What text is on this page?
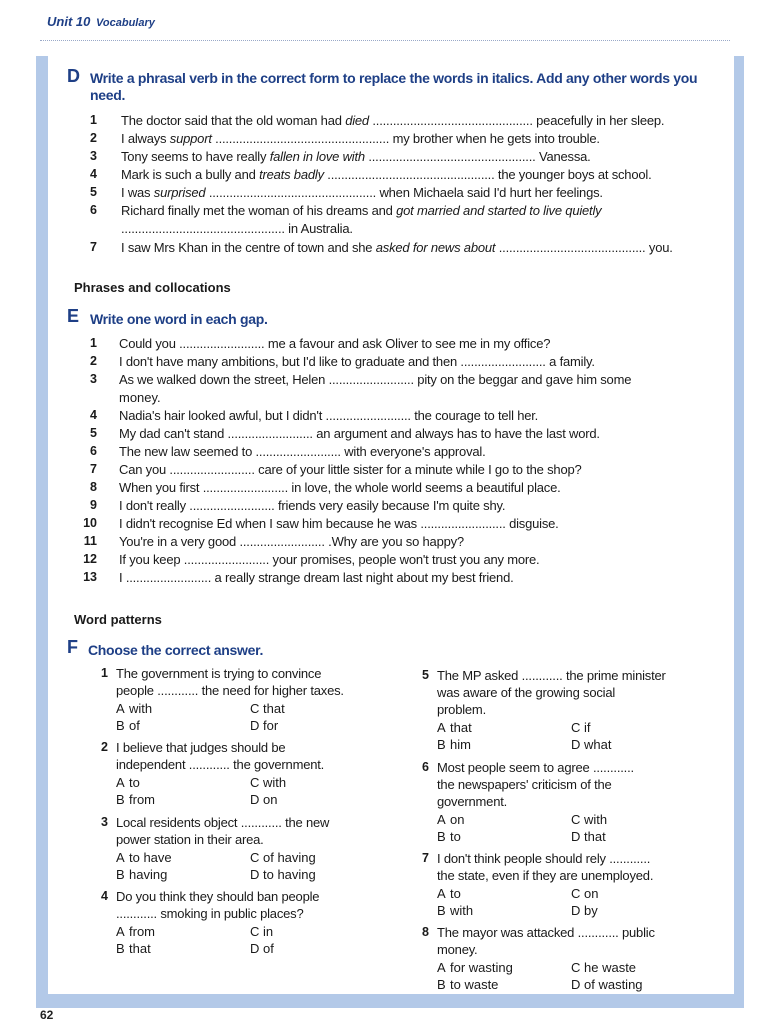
Unit 10 Vocabulary
D Write a phrasal verb in the correct form to replace the words in italics. Add any other words you
need.
1 The doctor said that the old woman had died ............................................... peacefully in her sleep.
2 I always support ................................................... my brother when he gets into trouble.
3 Tony seems to have really fallen in love with ................................................. Vanessa.
4 Mark is such a bully and treats badly ................................................. the younger boys at school.
5 I was surprised ................................................. when Michaela said I'd hurt her feelings.
6 Richard finally met the woman of his dreams and got married and started to live quietly
................................................ in Australia.
7 I saw Mrs Khan in the centre of town and she asked for news about ........................................... you.
Phrases and collocations
E Write one word in each gap.
1 Could you ......................... me a favour and ask Oliver to see me in my office?
2 I don't have many ambitions, but I'd like to graduate and then ......................... a family.
3 As we walked down the street, Helen ......................... pity on the beggar and gave him some
money.
4 Nadia's hair looked awful, but I didn't ......................... the courage to tell her.
5 My dad can't stand ......................... an argument and always has to have the last word.
6 The new law seemed to ......................... with everyone's approval.
7 Can you ......................... care of your little sister for a minute while I go to the shop?
8 When you first ......................... in love, the whole world seems a beautiful place.
9 I don't really ......................... friends very easily because I'm quite shy.
10 I didn't recognise Ed when I saw him because he was ......................... disguise.
11 You're in a very good ......................... .Why are you so happy?
12 If you keep ......................... your promises, people won't trust you any more.
13 I ......................... a really strange dream last night about my best friend.
Word patterns
F Choose the correct answer.
1 The government is trying to convince
people ............ the need for higher taxes.
A with	C that
B of	D for
2 I believe that judges should be
independent ............ the government.
A to	C with
B from	D on
3 Local residents object ............ the new
power station in their area.
A to have	C of having
B having	D to having
4 Do you think they should ban people
............ smoking in public places?
A from	C in
B that	D of
5 The MP asked ............ the prime minister
was aware of the growing social
problem.
A that	C if
B him	D what
6 Most people seem to agree ............
the newspapers' criticism of the
government.
A on	C with
B to	D that
7 I don't think people should rely ............
the state, even if they are unemployed.
A to	C on
B with	D by
8 The mayor was attacked ............ public
money.
A for wasting	C he waste
B to waste	D of wasting
62
